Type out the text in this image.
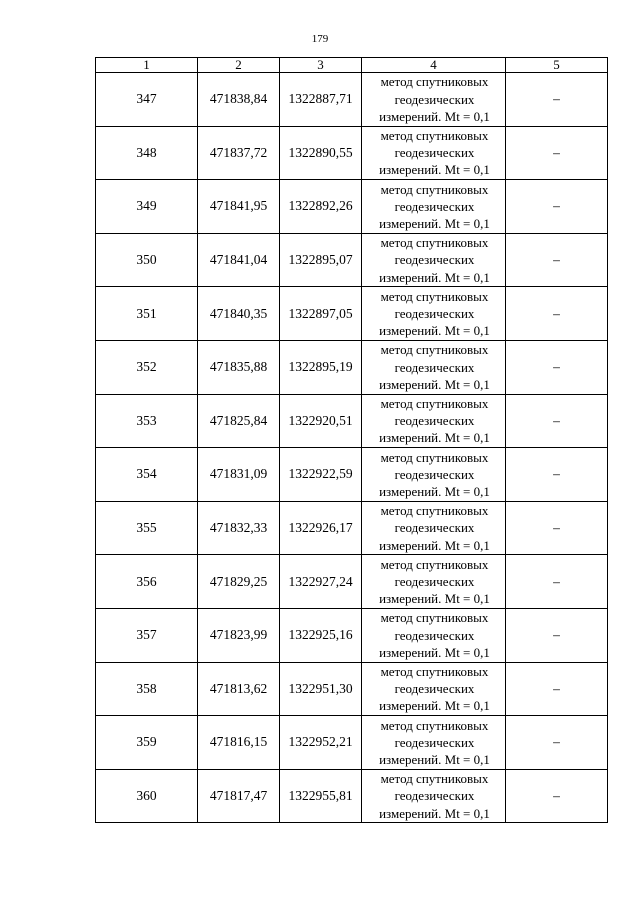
179
1	2	3	4	5
347	471838,84	1322887,71	метод спутниковых
геодезических
измерений. Mt = 0,1	–
348	471837,72	1322890,55	метод спутниковых
геодезических
измерений. Mt = 0,1	–
349	471841,95	1322892,26	метод спутниковых
геодезических
измерений. Mt = 0,1	–
350	471841,04	1322895,07	метод спутниковых
геодезических
измерений. Mt = 0,1	–
351	471840,35	1322897,05	метод спутниковых
геодезических
измерений. Mt = 0,1	–
352	471835,88	1322895,19	метод спутниковых
геодезических
измерений. Mt = 0,1	–
353	471825,84	1322920,51	метод спутниковых
геодезических
измерений. Mt = 0,1	–
354	471831,09	1322922,59	метод спутниковых
геодезических
измерений. Mt = 0,1	–
355	471832,33	1322926,17	метод спутниковых
геодезических
измерений. Mt = 0,1	–
356	471829,25	1322927,24	метод спутниковых
геодезических
измерений. Mt = 0,1	–
357	471823,99	1322925,16	метод спутниковых
геодезических
измерений. Mt = 0,1	–
358	471813,62	1322951,30	метод спутниковых
геодезических
измерений. Mt = 0,1	–
359	471816,15	1322952,21	метод спутниковых
геодезических
измерений. Mt = 0,1	–
360	471817,47	1322955,81	метод спутниковых
геодезических
измерений. Mt = 0,1	–
